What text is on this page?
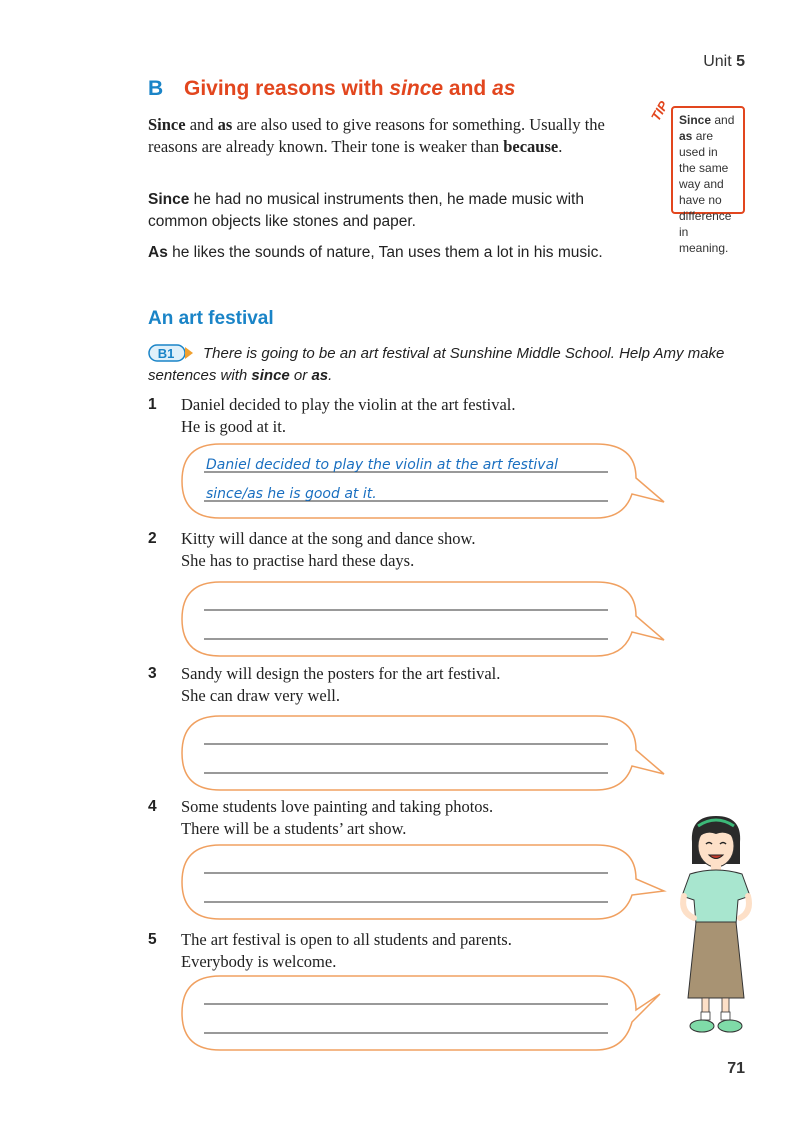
Unit 5
B Giving reasons with since and as
Since and as are also used to give reasons for something. Usually the reasons are already known. Their tone is weaker than because.
Since he had no musical instruments then, he made music with common objects like stones and paper.
As he likes the sounds of nature, Tan uses them a lot in his music.
TIP Since and as are used in the same way and have no difference in meaning.
An art festival
B1	There is going to be an art festival at Sunshine Middle School. Help Amy make sentences with since or as.
1 Daniel decided to play the violin at the art festival.
He is good at it.
2 Kitty will dance at the song and dance show.
She has to practise hard these days.
3 Sandy will design the posters for the art festival.
She can draw very well.
4 Some students love painting and taking photos.
There will be a students’ art show.
5 The art festival is open to all students and parents.
Everybody is welcome.
Daniel decided to play the violin at the art festival
since/as he is good at it.
71
